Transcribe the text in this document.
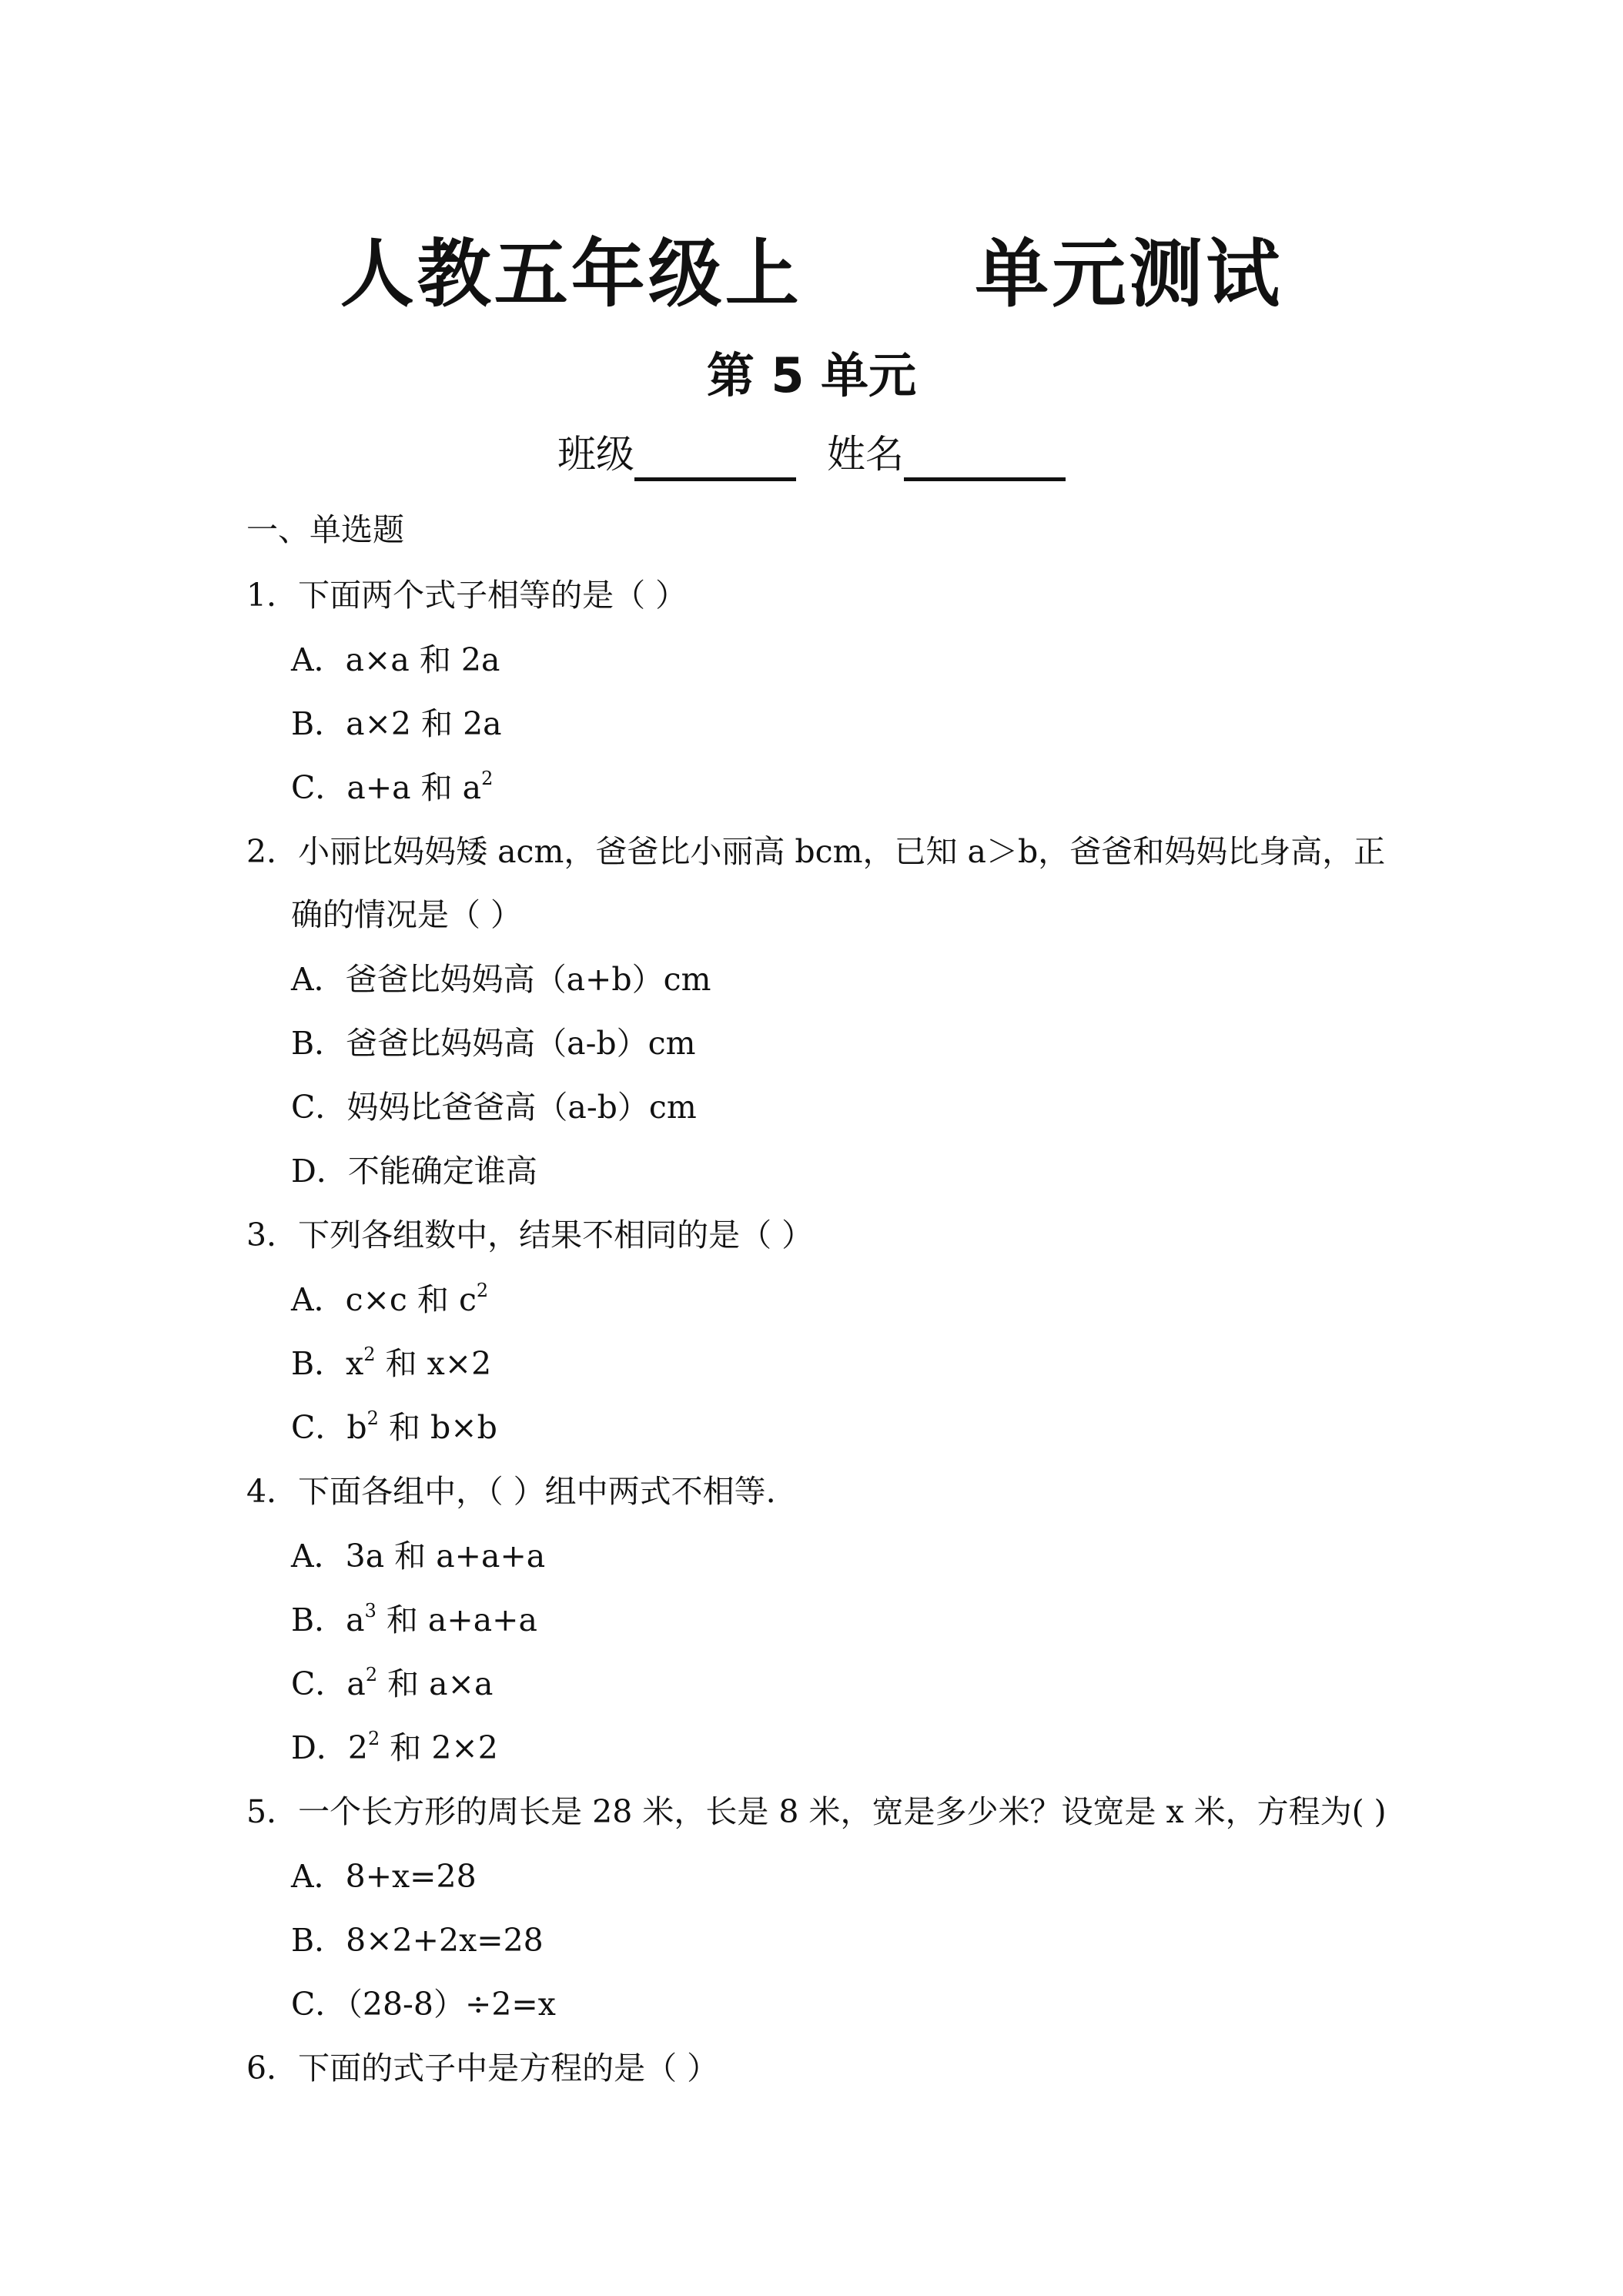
人教五年级上      单元测试
第 5 单元
班级	姓名
一、单选题
1．下面两个式子相等的是（ ）
A．a×a 和 2a
B．a×2 和 2a
C．a+a 和 $a^2$
2．小丽比妈妈矮 acm，爸爸比小丽高 bcm，已知 a＞b，爸爸和妈妈比身高，正
确的情况是（ ）
A．爸爸比妈妈高（a+b）cm
B．爸爸比妈妈高（a-b）cm
C．妈妈比爸爸高（a-b）cm
D．不能确定谁高
3．下列各组数中，结果不相同的是（ ）
A．c×c 和 $c^2$
B．$x^2$ 和 x×2
C．$b^2$ 和 b×b
4．下面各组中，（ ）组中两式不相等.
A．3a 和 a+a+a
B．$a^3$ 和 a+a+a
C．$a^2$ 和 a×a
D．$2^2$ 和 2×2
5．一个长方形的周长是 28 米，长是 8 米，宽是多少米？设宽是 x 米，方程为( )
A．8+x=28
B．8×2+2x=28
C．（28-8）÷2=x
6．下面的式子中是方程的是（ ）
